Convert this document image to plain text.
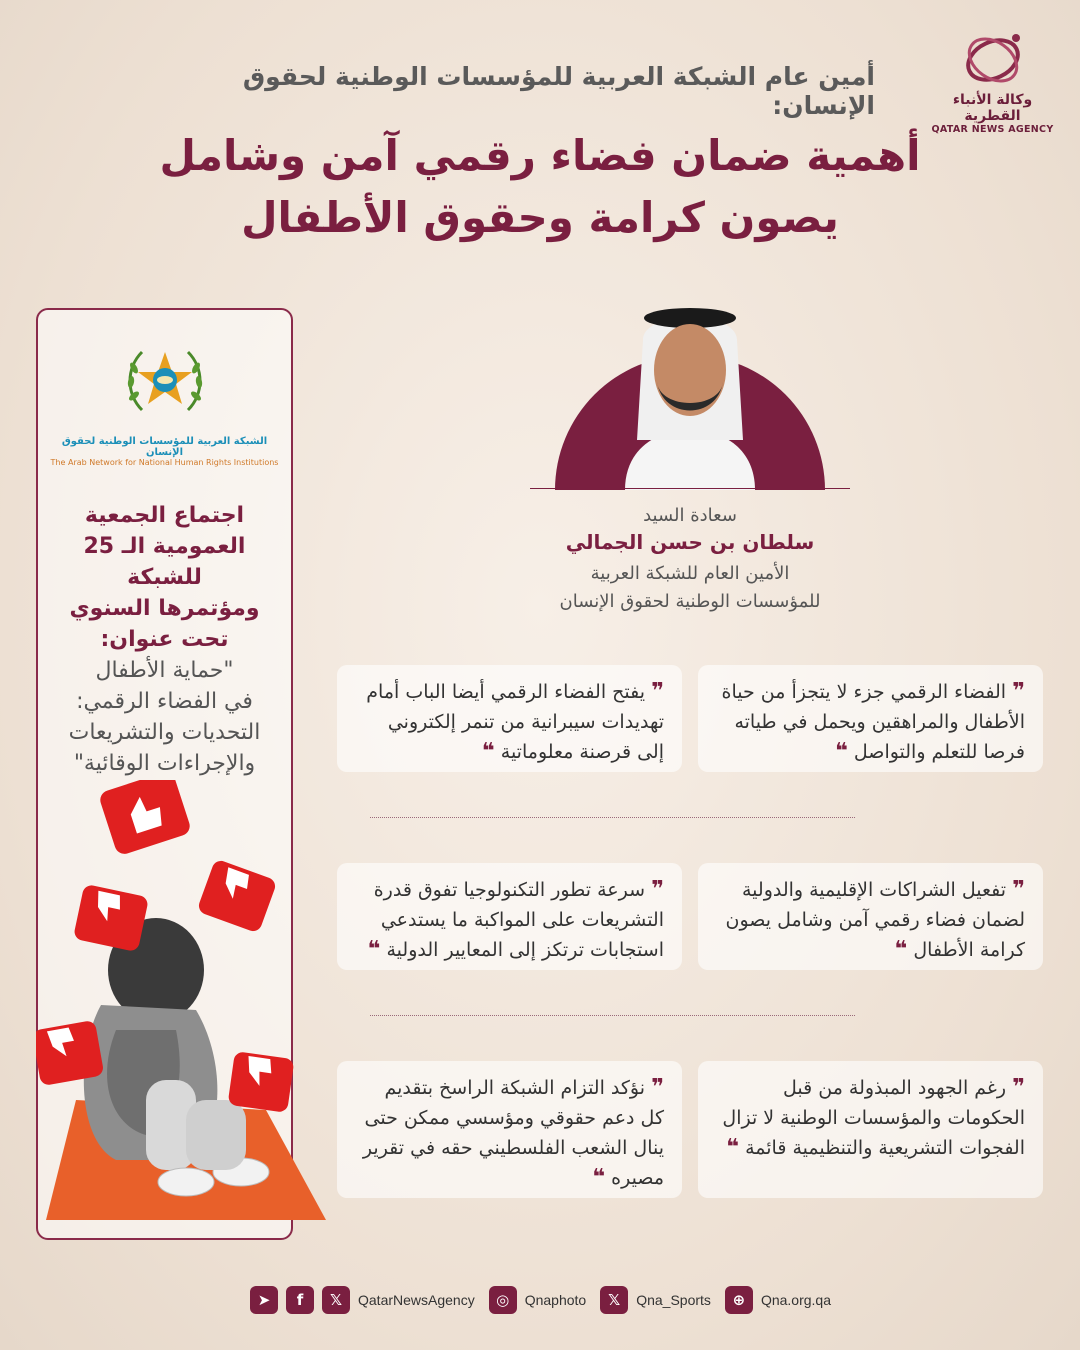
وكالة الأنباء القطرية
QATAR NEWS AGENCY
أمين عام الشبكة العربية للمؤسسات الوطنية لحقوق الإنسان:
أهمية ضمان فضاء رقمي آمن وشامل
يصون كرامة وحقوق الأطفال
الشبكة العربية للمؤسسات الوطنية لحقوق الإنسان
The Arab Network for National Human Rights Institutions
اجتماع الجمعية
العمومية الـ 25 للشبكة
ومؤتمرها السنوي
تحت عنوان:
"حماية الأطفال
في الفضاء الرقمي:
التحديات والتشريعات
والإجراءات الوقائية"
سعادة السيد
سلطان بن حسن الجمالي
الأمين العام للشبكة العربية
للمؤسسات الوطنية لحقوق الإنسان
❞ الفضاء الرقمي جزء لا يتجزأ من حياة الأطفال والمراهقين ويحمل في طياته فرصا للتعلم والتواصل ❝
❞ يفتح الفضاء الرقمي أيضا الباب أمام تهديدات سيبرانية من تنمر إلكتروني إلى قرصنة معلوماتية ❝
❞ تفعيل الشراكات الإقليمية والدولية لضمان فضاء رقمي آمن وشامل يصون كرامة الأطفال ❝
❞ سرعة تطور التكنولوجيا تفوق قدرة التشريعات على المواكبة ما يستدعي استجابات ترتكز إلى المعايير الدولية ❝
❞ رغم الجهود المبذولة من قبل الحكومات والمؤسسات الوطنية لا تزال الفجوات التشريعية والتنظيمية قائمة ❝
❞ نؤكد التزام الشبكة الراسخ بتقديم كل دعم حقوقي ومؤسسي ممكن حتى ينال الشعب الفلسطيني حقه في تقرير مصيره ❝
➤	f	𝕏	QatarNewsAgency	◎	Qnaphoto	𝕏	Qna_Sports	⊕	Qna.org.qa
